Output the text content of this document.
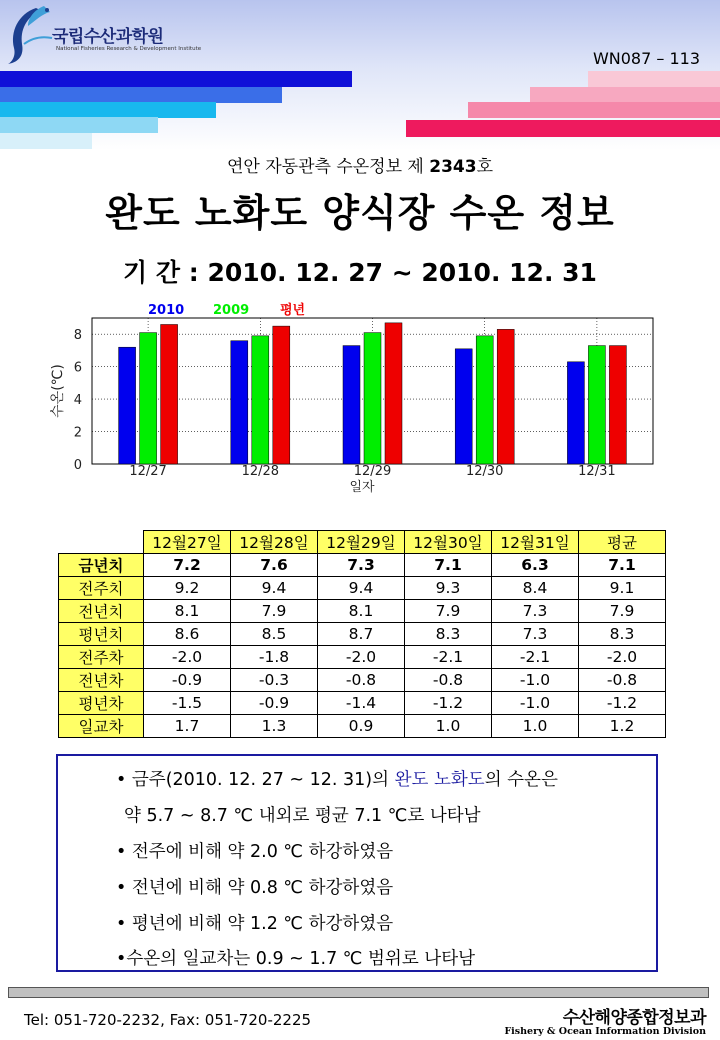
국립수산과학원
National Fisheries Research & Development Institute	WN087 – 113
연안 자동관측 수온정보 제 2343호
완도 노화도 양식장 수온 정보
기 간 : 2010. 12. 27 ~ 2010. 12. 31
12/27	12/28	12/29	12/30	12/31
0
2
4
6
8
2010 2009 평년
일자
수온(℃)
	12월27일	12월28일	12월29일	12월30일	12월31일	평균
금년치	7.2	7.6	7.3	7.1	6.3	7.1
전주치	9.2	9.4	9.4	9.3	8.4	9.1
전년치	8.1	7.9	8.1	7.9	7.3	7.9
평년치	8.6	8.5	8.7	8.3	7.3	8.3
전주차	-2.0	-1.8	-2.0	-2.1	-2.1	-2.0
전년차	-0.9	-0.3	-0.8	-0.8	-1.0	-0.8
평년차	-1.5	-0.9	-1.4	-1.2	-1.0	-1.2
일교차	1.7	1.3	0.9	1.0	1.0	1.2
• 금주(2010. 12. 27 ~ 12. 31)의 완도 노화도의 수온은
약 5.7 ~ 8.7 ℃ 내외로 평균 7.1 ℃로 나타남
• 전주에 비해 약 2.0 ℃ 하강하였음
• 전년에 비해 약 0.8 ℃ 하강하였음
• 평년에 비해 약 1.2 ℃ 하강하였음
•수온의 일교차는 0.9 ~ 1.7 ℃ 범위로 나타남
Tel: 051-720-2232, Fax: 051-720-2225	수산해양종합정보과
Fishery & Ocean Information Division
